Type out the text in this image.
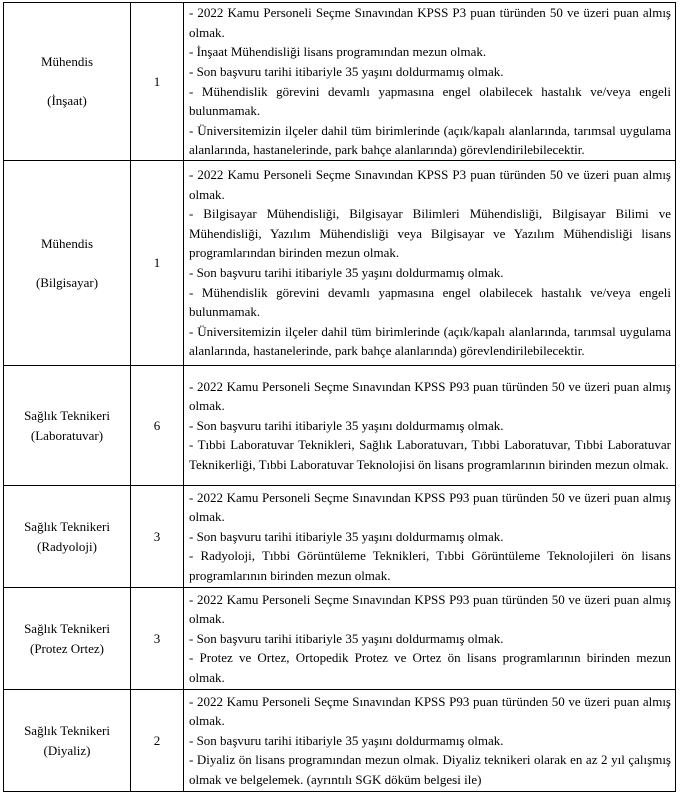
Mühendis
(İnşaat)	1	- 2022 Kamu Personeli Seçme Sınavından KPSS P3 puan türünden 50 ve üzeri puan almış olmak.
- İnşaat Mühendisliği lisans programından mezun olmak.
- Son başvuru tarihi itibariyle 35 yaşını doldurmamış olmak.
- Mühendislik görevini devamlı yapmasına engel olabilecek hastalık ve/veya engeli bulunmamak.
- Üniversitemizin ilçeler dahil tüm birimlerinde (açık/kapalı alanlarında, tarımsal uygulama alanlarında, hastanelerinde, park bahçe alanlarında) görevlendirilebilecektir.

Mühendis
(Bilgisayar)	1	- 2022 Kamu Personeli Seçme Sınavından KPSS P3 puan türünden 50 ve üzeri puan almış olmak.
- Bilgisayar Mühendisliği, Bilgisayar Bilimleri Mühendisliği, Bilgisayar Bilimi ve Mühendisliği, Yazılım Mühendisliği veya Bilgisayar ve Yazılım Mühendisliği lisans programlarından birinden mezun olmak.
- Son başvuru tarihi itibariyle 35 yaşını doldurmamış olmak.
- Mühendislik görevini devamlı yapmasına engel olabilecek hastalık ve/veya engeli bulunmamak.
- Üniversitemizin ilçeler dahil tüm birimlerinde (açık/kapalı alanlarında, tarımsal uygulama alanlarında, hastanelerinde, park bahçe alanlarında) görevlendirilebilecektir.

Sağlık Teknikeri
(Laboratuvar)	6	- 2022 Kamu Personeli Seçme Sınavından KPSS P93 puan türünden 50 ve üzeri puan almış olmak.
- Son başvuru tarihi itibariyle 35 yaşını doldurmamış olmak.
- Tıbbi Laboratuvar Teknikleri, Sağlık Laboratuvarı, Tıbbi Laboratuvar, Tıbbi Laboratuvar Teknikerliği, Tıbbi Laboratuvar Teknolojisi ön lisans programlarının birinden mezun olmak.

Sağlık Teknikeri
(Radyoloji)	3	- 2022 Kamu Personeli Seçme Sınavından KPSS P93 puan türünden 50 ve üzeri puan almış olmak.
- Son başvuru tarihi itibariyle 35 yaşını doldurmamış olmak.
- Radyoloji, Tıbbi Görüntüleme Teknikleri, Tıbbi Görüntüleme Teknolojileri ön lisans programlarının birinden mezun olmak.

Sağlık Teknikeri
(Protez Ortez)	3	- 2022 Kamu Personeli Seçme Sınavından KPSS P93 puan türünden 50 ve üzeri puan almış olmak.
- Son başvuru tarihi itibariyle 35 yaşını doldurmamış olmak.
- Protez ve Ortez, Ortopedik Protez ve Ortez ön lisans programlarının birinden mezun olmak.

Sağlık Teknikeri
(Diyaliz)	2	- 2022 Kamu Personeli Seçme Sınavından KPSS P93 puan türünden 50 ve üzeri puan almış olmak.
- Son başvuru tarihi itibariyle 35 yaşını doldurmamış olmak.
- Diyaliz ön lisans programından mezun olmak. Diyaliz teknikeri olarak en az 2 yıl çalışmış olmak ve belgelemek. (ayrıntılı SGK döküm belgesi ile)
